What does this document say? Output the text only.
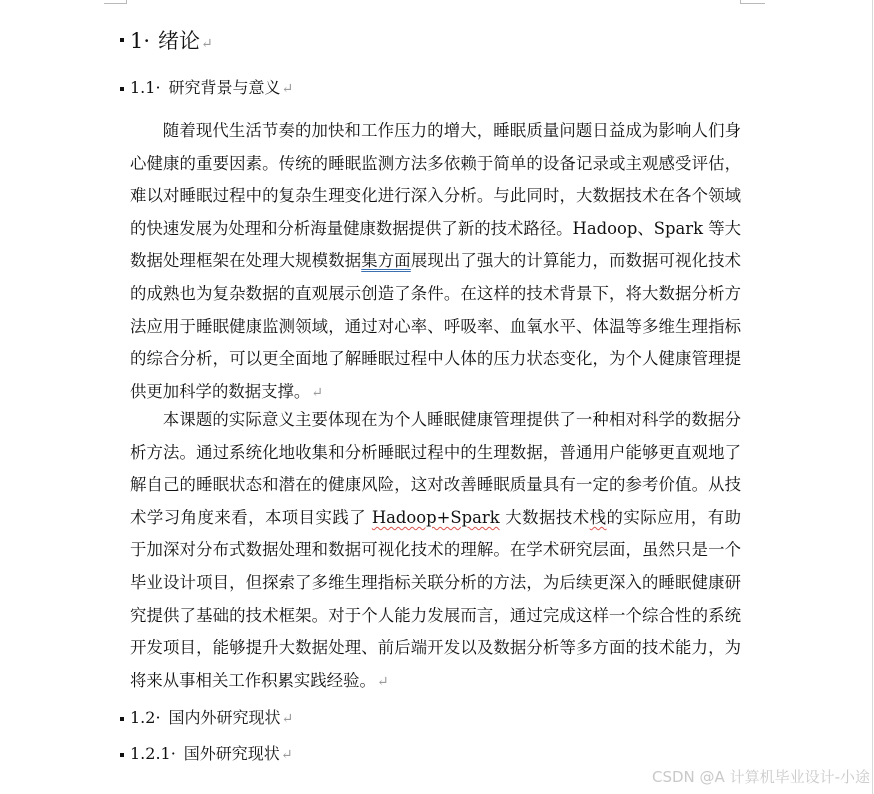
1· 绪论↵
1.1· 研究背景与意义↵
随着现代生活节奏的加快和工作压力的增大，睡眠质量问题日益成为影响人们身心健康的重要因素。传统的睡眠监测方法多依赖于简单的设备记录或主观感受评估，难以对睡眠过程中的复杂生理变化进行深入分析。与此同时，大数据技术在各个领域的快速发展为处理和分析海量健康数据提供了新的技术路径。Hadoop、Spark 等大数据处理框架在处理大规模数据集方面展现出了强大的计算能力，而数据可视化技术的成熟也为复杂数据的直观展示创造了条件。在这样的技术背景下，将大数据分析方法应用于睡眠健康监测领域，通过对心率、呼吸率、血氧水平、体温等多维生理指标的综合分析，可以更全面地了解睡眠过程中人体的压力状态变化，为个人健康管理提供更加科学的数据支撑。↵
本课题的实际意义主要体现在为个人睡眠健康管理提供了一种相对科学的数据分析方法。通过系统化地收集和分析睡眠过程中的生理数据，普通用户能够更直观地了解自己的睡眠状态和潜在的健康风险，这对改善睡眠质量具有一定的参考价值。从技术学习角度来看，本项目实践了 Hadoop+Spark 大数据技术栈的实际应用，有助于加深对分布式数据处理和数据可视化技术的理解。在学术研究层面，虽然只是一个毕业设计项目，但探索了多维生理指标关联分析的方法，为后续更深入的睡眠健康研究提供了基础的技术框架。对于个人能力发展而言，通过完成这样一个综合性的系统开发项目，能够提升大数据处理、前后端开发以及数据分析等多方面的技术能力，为将来从事相关工作积累实践经验。↵
1.2· 国内外研究现状↵
1.2.1· 国外研究现状↵
CSDN @A 计算机毕业设计-小途
